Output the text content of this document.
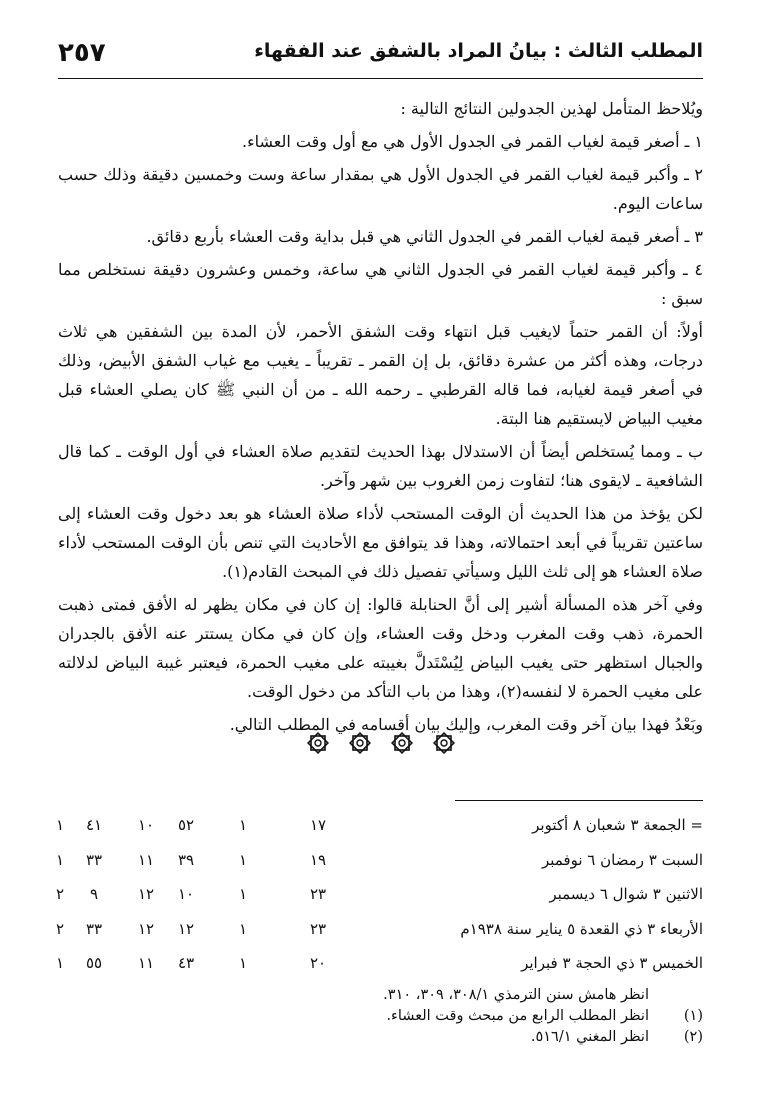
٢٥٧	المطلب الثالث : بيانُ المراد بالشفق عند الفقهاء

ويُلاحظ المتأمل لهذين الجدولين النتائج التالية :

١ ـ أصغر قيمة لغياب القمر في الجدول الأول هي مع أول وقت العشاء.

٢ ـ وأكبر قيمة لغياب القمر في الجدول الأول هي بمقدار ساعة وست وخمسين دقيقة وذلك حسب ساعات اليوم.

٣ ـ أصغر قيمة لغياب القمر في الجدول الثاني هي قبل بداية وقت العشاء بأربع دقائق.

٤ ـ وأكبر قيمة لغياب القمر في الجدول الثاني هي ساعة، وخمس وعشرون دقيقة نستخلص مما سبق :

أولاً: أن القمر حتماً لايغيب قبل انتهاء وقت الشفق الأحمر، لأن المدة بين الشفقين هي ثلاث درجات، وهذه أكثر من عشرة دقائق، بل إن القمر ـ تقريباً ـ يغيب مع غياب الشفق الأبيض، وذلك في أصغر قيمة لغيابه، فما قاله القرطبي ـ رحمه الله ـ من أن النبي ﷺ كان يصلي العشاء قبل مغيب البياض لايستقيم هنا البتة.

ب ـ ومما يُستخلص أيضاً أن الاستدلال بهذا الحديث لتقديم صلاة العشاء في أول الوقت ـ كما قال الشافعية ـ لايقوى هنا؛ لتفاوت زمن الغروب بين شهر وآخر.

لكن يؤخذ من هذا الحديث أن الوقت المستحب لأداء صلاة العشاء هو بعد دخول وقت العشاء إلى ساعتين تقريباً في أبعد احتمالاته، وهذا قد يتوافق مع الأحاديث التي تنص بأن الوقت المستحب لأداء صلاة العشاء هو إلى ثلث الليل وسيأتي تفصيل ذلك في المبحث القادم(١).

وفي آخر هذه المسألة أشير إلى أنَّ الحنابلة قالوا: إن كان في مكان يظهر له الأفق فمتى ذهبت الحمرة، ذهب وقت المغرب ودخل وقت العشاء، وإن كان في مكان يستتر عنه الأفق بالجدران والجبال استظهر حتى يغيب البياض لِيُسْتَدلَّ بغيبته على مغيب الحمرة، فيعتبر غيبة البياض لدلالته على مغيب الحمرة لا لنفسه(٢)، وهذا من باب التأكد من دخول الوقت.

وبَعْدُ فهذا بيان آخر وقت المغرب، وإليك بيان أقسامه في المطلب التالي.

= الجمعة ٣ شعبان ٨ أكتوبر
١٧
١
٥٢
١٠
٤١
١
السبت ٣ رمضان ٦ نوفمبر
١٩
١
٣٩
١١
٣٣
١
الاثنين ٣ شوال ٦ ديسمبر
٢٣
١
١٠
١٢
٩
٢
الأربعاء ٣ ذي القعدة ٥ يناير سنة ١٩٣٨م
٢٣
١
١٢
١٢
٣٣
٢
الخميس ٣ ذي الحجة ٣ فبراير
٢٠
١
٤٣
١١
٥٥
١
انظر هامش سنن الترمذي ٣٠٨/١، ٣٠٩، ٣١٠.
(١)
انظر المطلب الرابع من مبحث وقت العشاء.
(٢)
انظر المغني ٥١٦/١.
